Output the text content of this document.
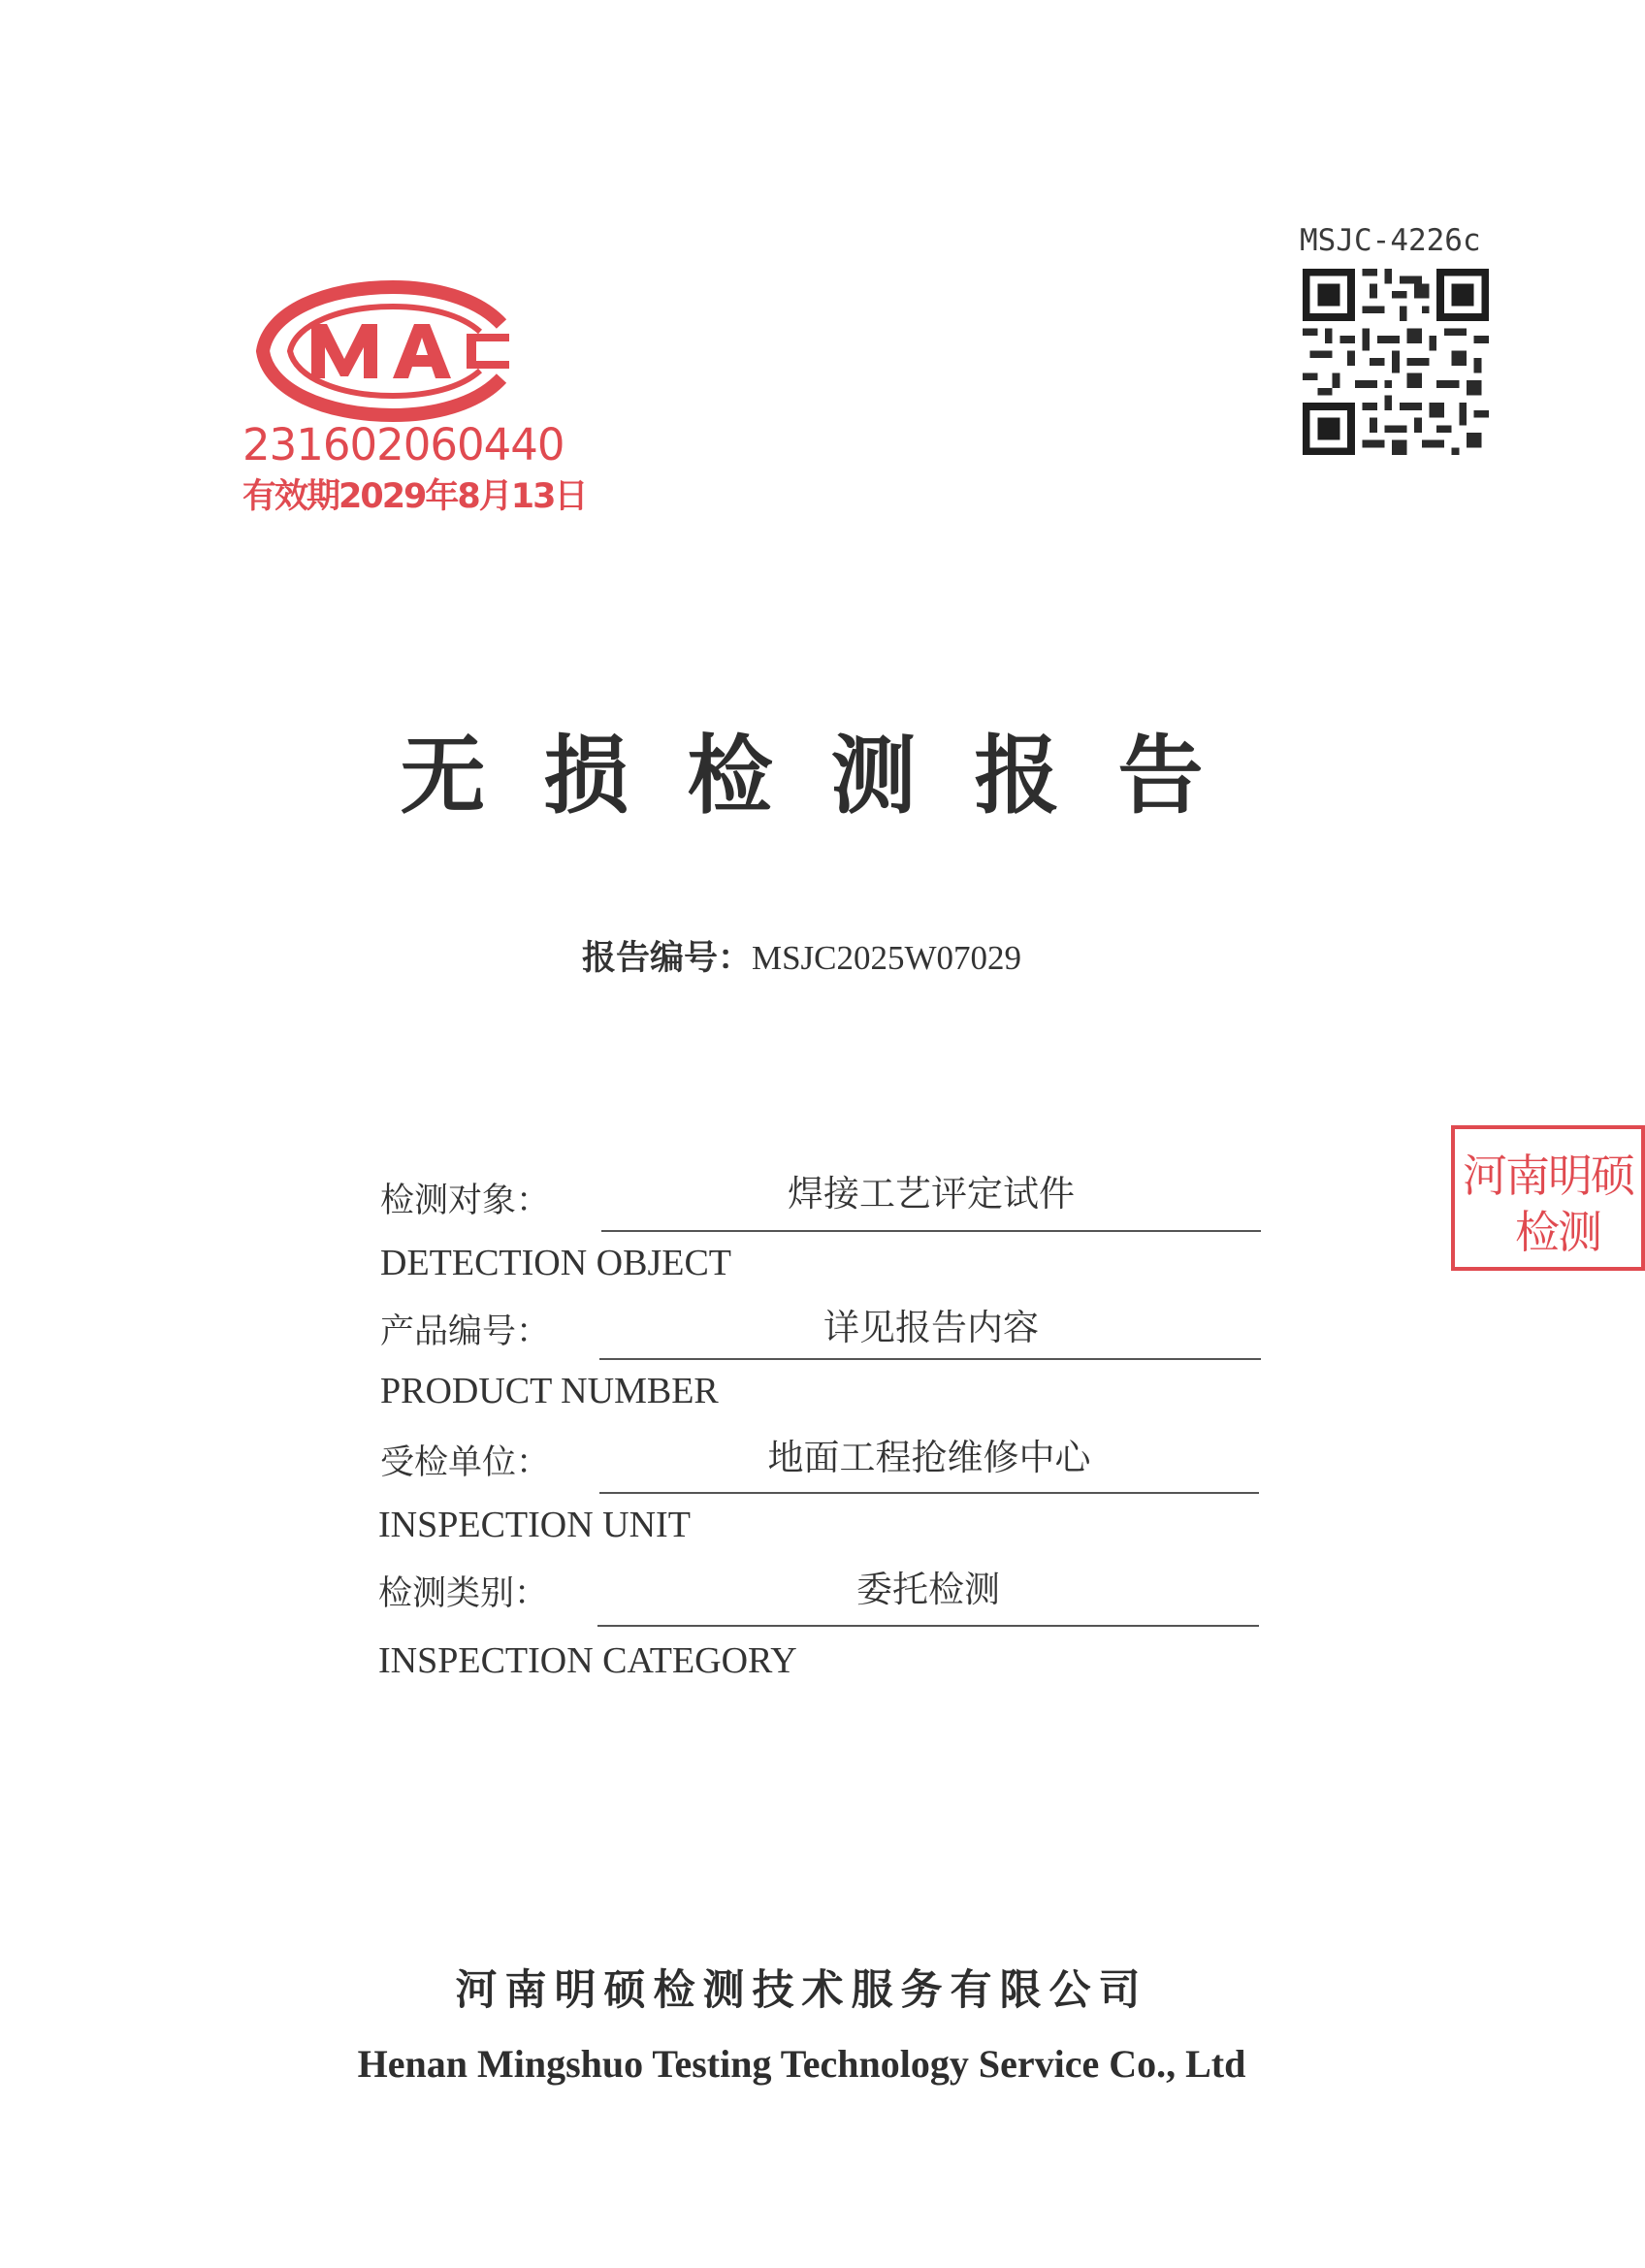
231602060440
有效期2029年8月13日
MSJC-4226c
无损检测报告
报告编号：MSJC2025W07029
河南明硕
检测
检测对象：	焊接工艺评定试件
DETECTION OBJECT
产品编号：	详见报告内容
PRODUCT NUMBER
受检单位：	地面工程抢维修中心
INSPECTION UNIT
检测类别：	委托检测
INSPECTION CATEGORY
河南明硕检测技术服务有限公司
Henan Mingshuo Testing Technology Service Co., Ltd
